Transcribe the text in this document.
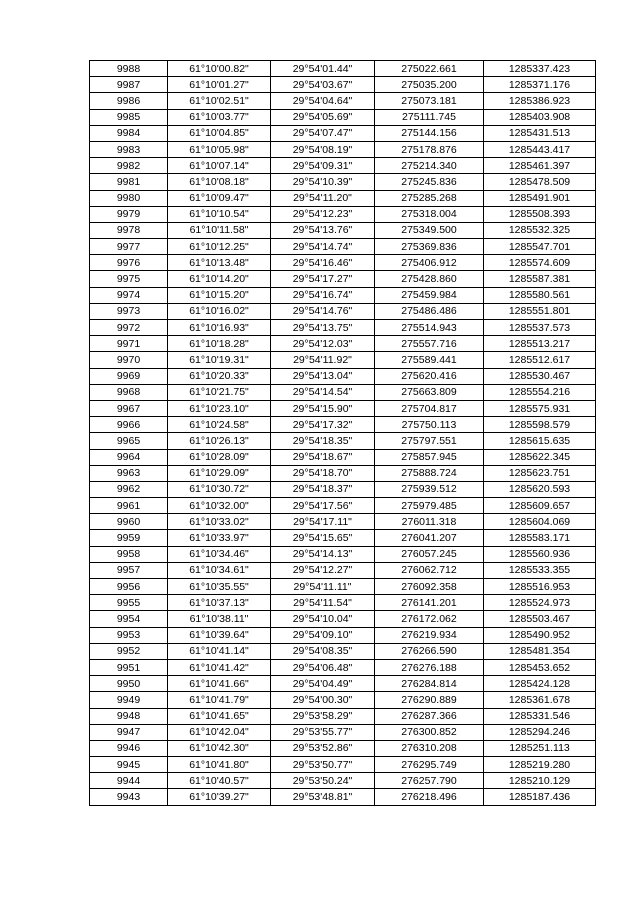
9988	61°10'00.82"	29°54'01.44"	275022.661	1285337.423
9987	61°10'01.27"	29°54'03.67"	275035.200	1285371.176
9986	61°10'02.51"	29°54'04.64"	275073.181	1285386.923
9985	61°10'03.77"	29°54'05.69"	275111.745	1285403.908
9984	61°10'04.85"	29°54'07.47"	275144.156	1285431.513
9983	61°10'05.98"	29°54'08.19"	275178.876	1285443.417
9982	61°10'07.14"	29°54'09.31"	275214.340	1285461.397
9981	61°10'08.18"	29°54'10.39"	275245.836	1285478.509
9980	61°10'09.47"	29°54'11.20"	275285.268	1285491.901
9979	61°10'10.54"	29°54'12.23"	275318.004	1285508.393
9978	61°10'11.58"	29°54'13.76"	275349.500	1285532.325
9977	61°10'12.25"	29°54'14.74"	275369.836	1285547.701
9976	61°10'13.48"	29°54'16.46"	275406.912	1285574.609
9975	61°10'14.20"	29°54'17.27"	275428.860	1285587.381
9974	61°10'15.20"	29°54'16.74"	275459.984	1285580.561
9973	61°10'16.02"	29°54'14.76"	275486.486	1285551.801
9972	61°10'16.93"	29°54'13.75"	275514.943	1285537.573
9971	61°10'18.28"	29°54'12.03"	275557.716	1285513.217
9970	61°10'19.31"	29°54'11.92"	275589.441	1285512.617
9969	61°10'20.33"	29°54'13.04"	275620.416	1285530.467
9968	61°10'21.75"	29°54'14.54"	275663.809	1285554.216
9967	61°10'23.10"	29°54'15.90"	275704.817	1285575.931
9966	61°10'24.58"	29°54'17.32"	275750.113	1285598.579
9965	61°10'26.13"	29°54'18.35"	275797.551	1285615.635
9964	61°10'28.09"	29°54'18.67"	275857.945	1285622.345
9963	61°10'29.09"	29°54'18.70"	275888.724	1285623.751
9962	61°10'30.72"	29°54'18.37"	275939.512	1285620.593
9961	61°10'32.00"	29°54'17.56"	275979.485	1285609.657
9960	61°10'33.02"	29°54'17.11"	276011.318	1285604.069
9959	61°10'33.97"	29°54'15.65"	276041.207	1285583.171
9958	61°10'34.46"	29°54'14.13"	276057.245	1285560.936
9957	61°10'34.61"	29°54'12.27"	276062.712	1285533.355
9956	61°10'35.55"	29°54'11.11"	276092.358	1285516.953
9955	61°10'37.13"	29°54'11.54"	276141.201	1285524.973
9954	61°10'38.11"	29°54'10.04"	276172.062	1285503.467
9953	61°10'39.64"	29°54'09.10"	276219.934	1285490.952
9952	61°10'41.14"	29°54'08.35"	276266.590	1285481.354
9951	61°10'41.42"	29°54'06.48"	276276.188	1285453.652
9950	61°10'41.66"	29°54'04.49"	276284.814	1285424.128
9949	61°10'41.79"	29°54'00.30"	276290.889	1285361.678
9948	61°10'41.65"	29°53'58.29"	276287.366	1285331.546
9947	61°10'42.04"	29°53'55.77"	276300.852	1285294.246
9946	61°10'42.30"	29°53'52.86"	276310.208	1285251.113
9945	61°10'41.80"	29°53'50.77"	276295.749	1285219.280
9944	61°10'40.57"	29°53'50.24"	276257.790	1285210.129
9943	61°10'39.27"	29°53'48.81"	276218.496	1285187.436
